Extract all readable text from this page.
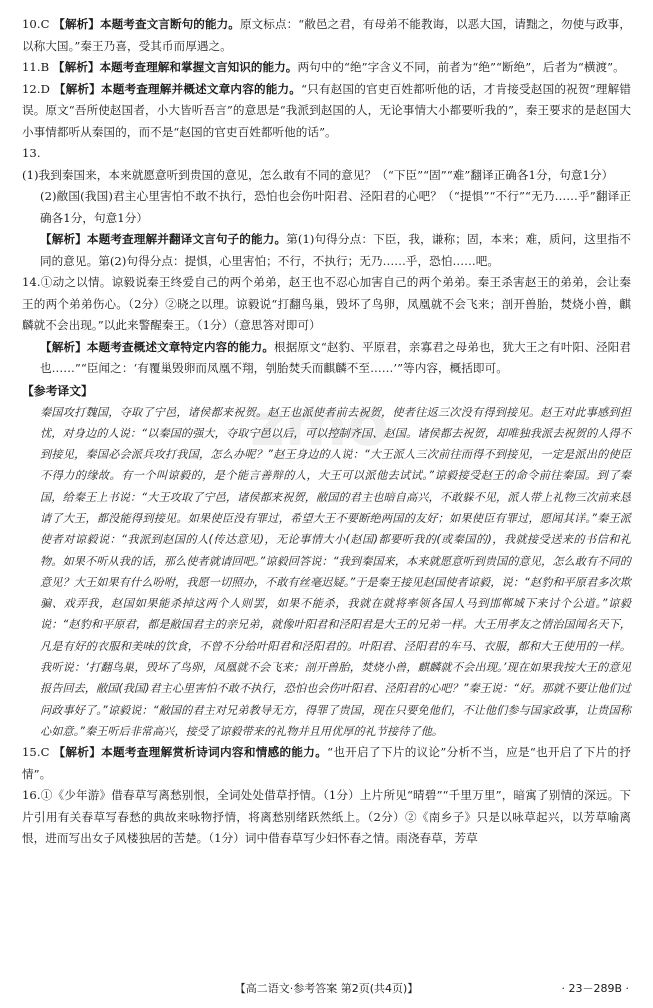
zmo

10.C 【解析】本题考查文言断句的能力。原文标点：“敝邑之君，有母弟不能教诲，以恶大国，请黜之，勿使与政事，以称大国。”秦王乃喜，受其币而厚遇之。

11.B 【解析】本题考查理解和掌握文言知识的能力。两句中的“绝”字含义不同，前者为“绝”“断绝”，后者为“横渡”。

12.D 【解析】本题考查理解并概述文章内容的能力。“只有赵国的官吏百姓都听他的话，才肯接受赵国的祝贺”理解错误。原文“吾所使赵国者，小大皆听吾言”的意思是“我派到赵国的人，无论事情大小都要听我的”，秦王要求的是赵国大小事情都听从秦国的，而不是“赵国的官吏百姓都听他的话”。

13.(1)我到秦国来，本来就愿意听到贵国的意见，怎么敢有不同的意见？（“下臣”“固”“难”翻译正确各1分，句意1分）

(2)敝国(我国)君主心里害怕不敢不执行，恐怕也会伤叶阳君、泾阳君的心吧？（“提惧”“不行”“无乃……乎”翻译正确各1分，句意1分）

【解析】本题考查理解并翻译文言句子的能力。第(1)句得分点：下臣，我，谦称；固，本来；难，质问，这里指不同的意见。第(2)句得分点：提惧，心里害怕；不行，不执行；无乃……乎，恐怕……吧。

14.①动之以情。谅毅说秦王终爱自己的两个弟弟，赵王也不忍心加害自己的两个弟弟。秦王杀害赵王的弟弟，会让秦王的两个弟弟伤心。（2分）②晓之以理。谅毅说“打翻鸟巢，毁坏了鸟卵，凤凰就不会飞来；剖开兽胎，焚烧小兽，麒麟就不会出现。”以此来警醒秦王。（1分）（意思答对即可）

【解析】本题考查概述文章特定内容的能力。根据原文“赵豹、平原君，亲寡君之母弟也，犹大王之有叶阳、泾阳君也……”“臣闻之：‘有覆巢毁卵而凤凰不翔，刳胎焚夭而麒麟不至……’”等内容，概括即可。

【参考译文】

秦国攻打魏国，夺取了宁邑，诸侯都来祝贺。赵王也派使者前去祝贺，使者往返三次没有得到接见。赵王对此事感到担忧，对身边的人说：“以秦国的强大，夺取宁邑以后，可以控制齐国、赵国。诸侯都去祝贺，却唯独我派去祝贺的人得不到接见，秦国必会派兵攻打我国，怎么办呢？”赵王身边的人说：“大王派人三次前往而得不到接见，一定是派出的使臣不得力的缘故。有一个叫谅毅的，是个能言善辩的人，大王可以派他去试试。”谅毅接受赵王的命令前往秦国。到了秦国，给秦王上书说：“大王攻取了宁邑，诸侯都来祝贺，敝国的君主也暗自高兴，不敢躲不见，派人带上礼物三次前来恳请了大王，都没能得到接见。如果使臣没有罪过，希望大王不要断绝两国的友好；如果使臣有罪过，愿闻其详。”秦王派使者对谅毅说：“我派到赵国的人(传达意见)，无论事情大小(赵国)都要听我的(或秦国的)，我就接受送来的书信和礼物。如果不听从我的话，那么使者就请回吧。”谅毅回答说：“我到秦国来，本来就愿意听到贵国的意见，怎么敢有不同的意见？大王如果有什么吩咐，我愿一切照办，不敢有丝毫迟疑。”于是秦王接见赵国使者谅毅，说：“赵豹和平原君多次欺骗、戏弄我，赵国如果能杀掉这两个人则罢，如果不能杀，我就在就将率领各国人马到邯郸城下来讨个公道。”谅毅说：“赵豹和平原君，都是敝国君主的亲兄弟，就像叶阳君和泾阳君是大王的兄弟一样。大王用孝友之情治国闻名天下，凡是有好的衣服和美味的饮食，不曾不分给叶阳君和泾阳君的。叶阳君、泾阳君的车马、衣服，都和大王使用的一样。我听说：‘打翻鸟巢，毁坏了鸟卵，凤凰就不会飞来；剖开兽胎，焚烧小兽，麒麟就不会出现。’现在如果我按大王的意见报告回去，敝国(我国)君主心里害怕不敢不执行，恐怕也会伤叶阳君、泾阳君的心吧？”秦王说：“好。那就不要让他们过问政事好了。”谅毅说：“敝国的君主对兄弟教导无方，得罪了贵国，现在只要免他们，不让他们参与国家政事，让贵国称心如意。”秦王听后非常高兴，接受了谅毅带来的礼物并且用优厚的礼节接待了他。

15.C 【解析】本题考查理解赏析诗词内容和情感的能力。“也开启了下片的议论”分析不当，应是“也开启了下片的抒情”。

16.①《少年游》借春草写离愁别恨，全词处处借草抒情。（1分）上片所见“晴碧”“千里万里”，暗寓了别情的深远。下片引用有关春草写春愁的典故来咏物抒情，将离愁别绪跃然纸上。（2分）②《南乡子》只是以咏草起兴，以芳草喻离恨，进而写出女子风楼独居的苦楚。（1分）词中借春草写少妇怀春之情。雨浇春草，芳草

【高二语文·参考答案 第2页(共4页)】	· 23－289B ·
